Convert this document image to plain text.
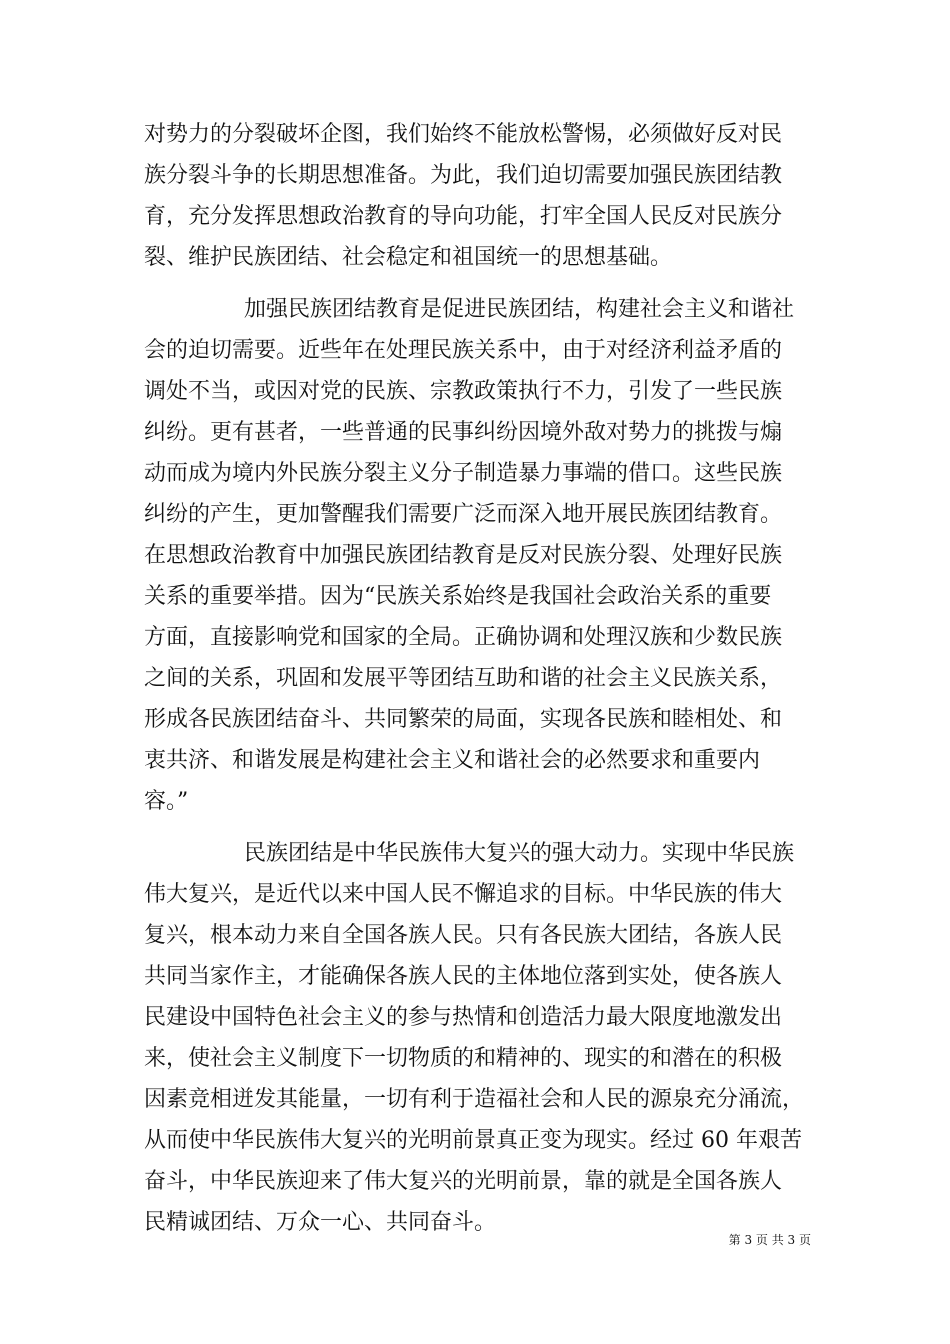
对势力的分裂破坏企图，我们始终不能放松警惕，必须做好反对民
族分裂斗争的长期思想准备。为此，我们迫切需要加强民族团结教
育，充分发挥思想政治教育的导向功能，打牢全国人民反对民族分
裂、维护民族团结、社会稳定和祖国统一的思想基础。
加强民族团结教育是促进民族团结，构建社会主义和谐社
会的迫切需要。近些年在处理民族关系中，由于对经济利益矛盾的
调处不当，或因对党的民族、宗教政策执行不力，引发了一些民族
纠纷。更有甚者，一些普通的民事纠纷因境外敌对势力的挑拨与煽
动而成为境内外民族分裂主义分子制造暴力事端的借口。这些民族
纠纷的产生，更加警醒我们需要广泛而深入地开展民族团结教育。
在思想政治教育中加强民族团结教育是反对民族分裂、处理好民族
关系的重要举措。因为“民族关系始终是我国社会政治关系的重要
方面，直接影响党和国家的全局。正确协调和处理汉族和少数民族
之间的关系，巩固和发展平等团结互助和谐的社会主义民族关系，
形成各民族团结奋斗、共同繁荣的局面，实现各民族和睦相处、和
衷共济、和谐发展是构建社会主义和谐社会的必然要求和重要内
容。”
民族团结是中华民族伟大复兴的强大动力。实现中华民族
伟大复兴，是近代以来中国人民不懈追求的目标。中华民族的伟大
复兴，根本动力来自全国各族人民。只有各民族大团结，各族人民
共同当家作主，才能确保各族人民的主体地位落到实处，使各族人
民建设中国特色社会主义的参与热情和创造活力最大限度地激发出
来，使社会主义制度下一切物质的和精神的、现实的和潜在的积极
因素竞相迸发其能量，一切有利于造福社会和人民的源泉充分涌流，
从而使中华民族伟大复兴的光明前景真正变为现实。经过 60 年艰苦
奋斗，中华民族迎来了伟大复兴的光明前景，靠的就是全国各族人
民精诚团结、万众一心、共同奋斗。
第 3 页 共 3 页
